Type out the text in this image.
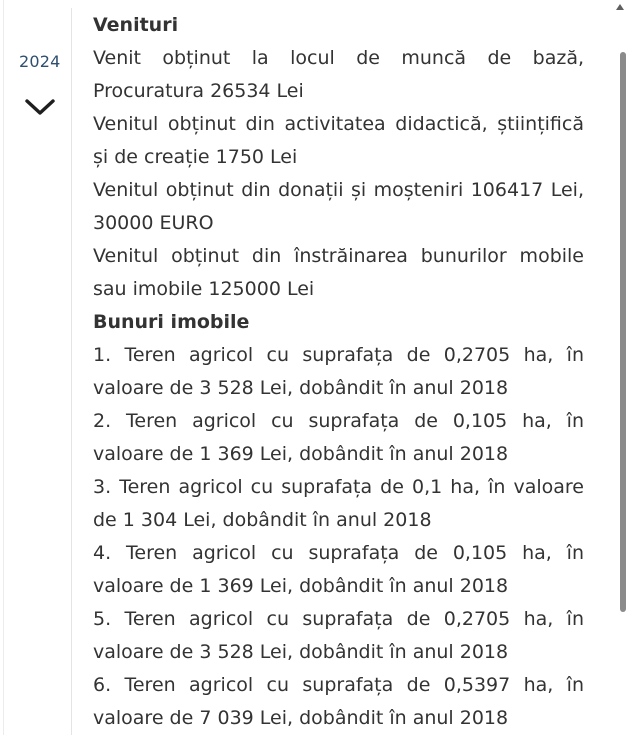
2024
Venituri

Venit obținut la locul de muncă de bază, Procuratura 26534 Lei

Venitul obținut din activitatea didactică, științifică și de creație 1750 Lei

Venitul obținut din donații și moșteniri 106417 Lei, 30000 EURO

Venitul obținut din înstrăinarea bunurilor mobile sau imobile 125000 Lei

Bunuri imobile

1. Teren agricol cu suprafața de 0,2705 ha, în valoare de 3 528 Lei, dobândit în anul 2018

2. Teren agricol cu suprafața de 0,105 ha, în valoare de 1 369 Lei, dobândit în anul 2018

3. Teren agricol cu suprafața de 0,1 ha, în valoare de 1 304 Lei, dobândit în anul 2018

4. Teren agricol cu suprafața de 0,105 ha, în valoare de 1 369 Lei, dobândit în anul 2018

5. Teren agricol cu suprafața de 0,2705 ha, în valoare de 3 528 Lei, dobândit în anul 2018

6. Teren agricol cu suprafața de 0,5397 ha, în valoare de 7 039 Lei, dobândit în anul 2018
